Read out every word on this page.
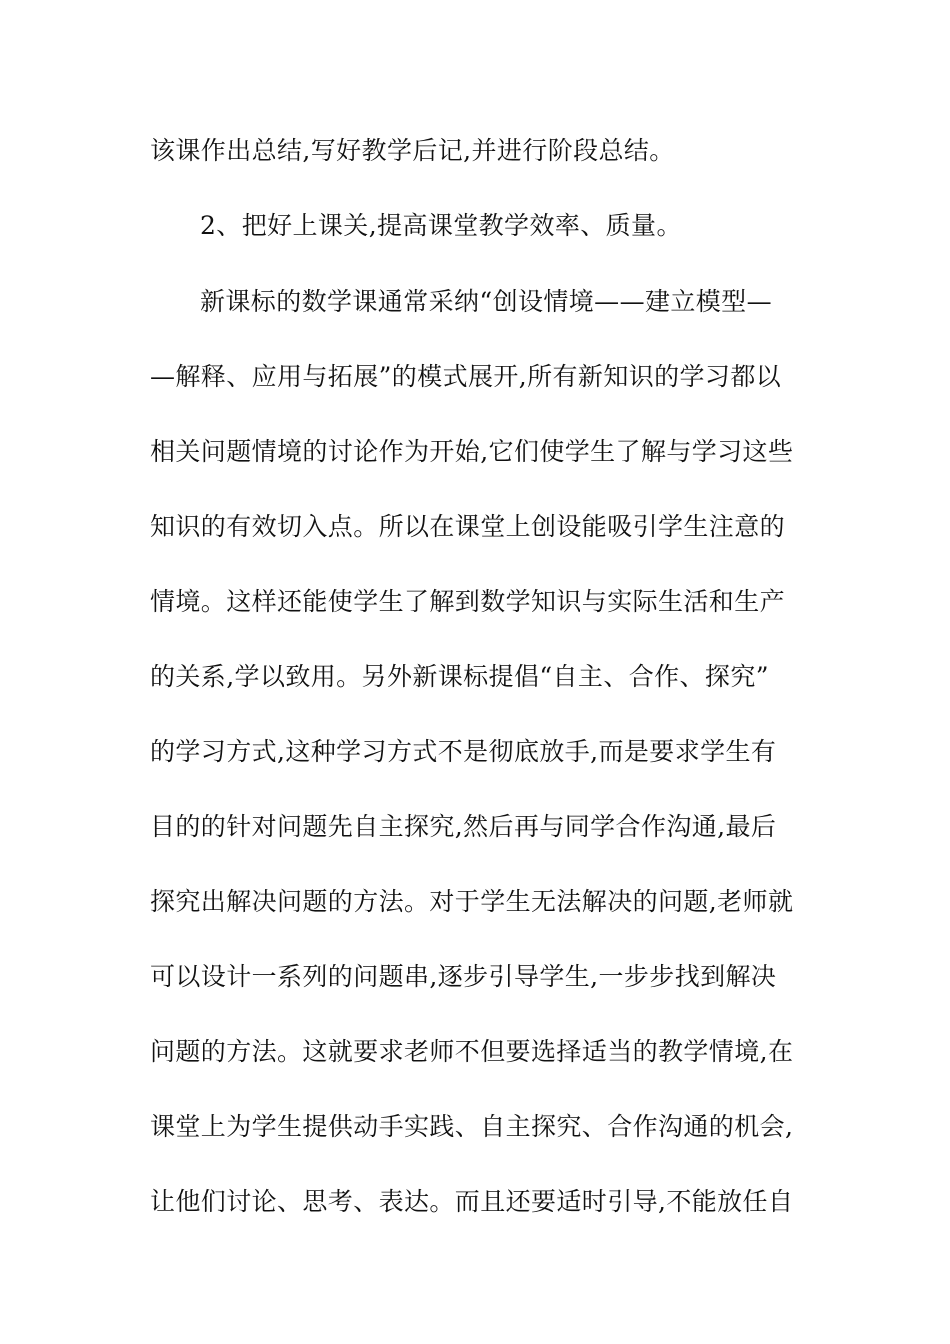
该课作出总结,写好教学后记,并进行阶段总结。
2、把好上课关,提高课堂教学效率、质量。
新课标的数学课通常采纳“创设情境——建立模型—
—解释、应用与拓展”的模式展开,所有新知识的学习都以
相关问题情境的讨论作为开始,它们使学生了解与学习这些
知识的有效切入点。所以在课堂上创设能吸引学生注意的
情境。这样还能使学生了解到数学知识与实际生活和生产
的关系,学以致用。另外新课标提倡“自主、合作、探究”
的学习方式,这种学习方式不是彻底放手,而是要求学生有
目的的针对问题先自主探究,然后再与同学合作沟通,最后
探究出解决问题的方法。对于学生无法解决的问题,老师就
可以设计一系列的问题串,逐步引导学生,一步步找到解决
问题的方法。这就要求老师不但要选择适当的教学情境,在
课堂上为学生提供动手实践、自主探究、合作沟通的机会,
让他们讨论、思考、表达。而且还要适时引导,不能放任自
